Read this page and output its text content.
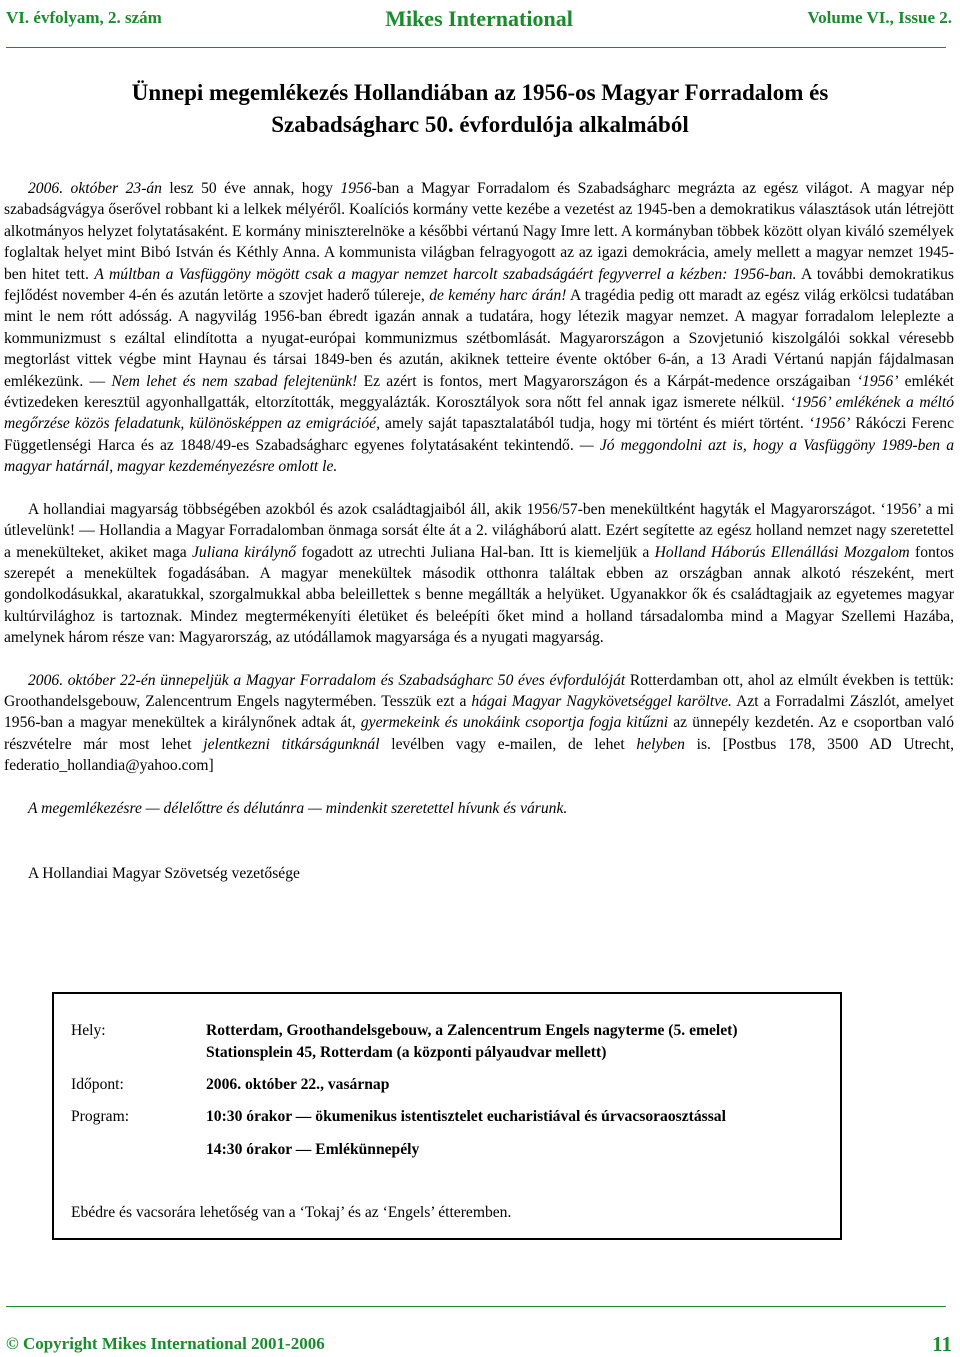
VI. évfolyam, 2. szám	Mikes International	Volume VI., Issue 2.
Ünnepi megemlékezés Hollandiában az 1956-os Magyar Forradalom és
Szabadságharc 50. évfordulója alkalmából

2006. október 23-án lesz 50 éve annak, hogy 1956-ban a Magyar Forradalom és Szabadságharc megrázta az egész világot. A magyar nép szabadságvágya őserővel robbant ki a lelkek mélyéről. Koalíciós kormány vette kezébe a vezetést az 1945-ben a demokratikus választások után létrejött alkotmányos helyzet folytatásaként. E kormány miniszterelnöke a későbbi vértanú Nagy Imre lett. A kormányban többek között olyan kiváló személyek foglaltak helyet mint Bibó István és Kéthly Anna. A kommunista világban felragyogott az az igazi demokrácia, amely mellett a magyar nemzet 1945-ben hitet tett. A múltban a Vasfüggöny mögött csak a magyar nemzet harcolt szabadságáért fegyverrel a kézben: 1956-ban. A további demokratikus fejlődést november 4-én és azután letörte a szovjet haderő túlereje, de kemény harc árán! A tragédia pedig ott maradt az egész világ erkölcsi tudatában mint le nem rótt adósság. A nagyvilág 1956-ban ébredt igazán annak a tudatára, hogy létezik magyar nemzet. A magyar forradalom leleplezte a kommunizmust s ezáltal elindította a nyugat-európai kommunizmus szétbomlását. Magyarországon a Szovjetunió kiszolgálói sokkal véresebb megtorlást vittek végbe mint Haynau és társai 1849-ben és azután, akiknek tetteire évente október 6-án, a 13 Aradi Vértanú napján fájdalmasan emlékezünk. — Nem lehet és nem szabad felejtenünk! Ez azért is fontos, mert Magyarországon és a Kárpát-medence országaiban ‘1956’ emlékét évtizedeken keresztül agyonhallgatták, eltorzították, meggyalázták. Korosztályok sora nőtt fel annak igaz ismerete nélkül. ‘1956’ emlékének a méltó megőrzése közös feladatunk, különösképpen az emigrációé, amely saját tapasztalatából tudja, hogy mi történt és miért történt. ‘1956’ Rákóczi Ferenc Függetlenségi Harca és az 1848/49-es Szabadságharc egyenes folytatásaként tekintendő. — Jó meggondolni azt is, hogy a Vasfüggöny 1989-ben a magyar határnál, magyar kezdeményezésre omlott le.

A hollandiai magyarság többségében azokból és azok családtagjaiból áll, akik 1956/57-ben menekültként hagyták el Magyarországot. ‘1956’ a mi útlevelünk! — Hollandia a Magyar Forradalomban önmaga sorsát élte át a 2. világháború alatt. Ezért segítette az egész holland nemzet nagy szeretettel a menekülteket, akiket maga Juliana királynő fogadott az utrechti Juliana Hal-ban. Itt is kiemeljük a Holland Háborús Ellenállási Mozgalom fontos szerepét a menekültek fogadásában. A magyar menekültek második otthonra találtak ebben az országban annak alkotó részeként, mert gondolkodásukkal, akaratukkal, szorgalmukkal abba beleillettek s benne megállták a helyüket. Ugyanakkor ők és családtagjaik az egyetemes magyar kultúrvilághoz is tartoznak. Mindez megtermékenyíti életüket és beleépíti őket mind a holland társadalomba mind a Magyar Szellemi Hazába, amelynek három része van: Magyarország, az utódállamok magyarsága és a nyugati magyarság.

2006. október 22-én ünnepeljük a Magyar Forradalom és Szabadságharc 50 éves évfordulóját Rotterdamban ott, ahol az elmúlt években is tettük: Groothandelsgebouw, Zalencentrum Engels nagytermében. Tesszük ezt a hágai Magyar Nagykövetséggel karöltve. Azt a Forradalmi Zászlót, amelyet 1956-ban a magyar menekültek a királynőnek adtak át, gyermekeink és unokáink csoportja fogja kitűzni az ünnepély kezdetén. Az e csoportban való részvételre már most lehet jelentkezni titkárságunknál levélben vagy e-mailen, de lehet helyben is. [Postbus 178, 3500 AD Utrecht, federatio_hollandia@yahoo.com]

A megemlékezésre — délelőttre és délutánra — mindenkit szeretettel hívunk és várunk.

A Hollandiai Magyar Szövetség vezetősége

Hely:	Rotterdam, Groothandelsgebouw, a Zalencentrum Engels nagyterme (5. emelet)
Stationsplein 45, Rotterdam (a központi pályaudvar mellett)
Időpont:	2006. október 22., vasárnap
Program:	10:30 órakor — ökumenikus istentisztelet eucharistiával és úrvacsoraosztással
14:30 órakor — Emlékünnepély
Ebédre és vacsorára lehetőség van a ‘Tokaj’ és az ‘Engels’ étteremben.
© Copyright Mikes International 2001-2006	11
